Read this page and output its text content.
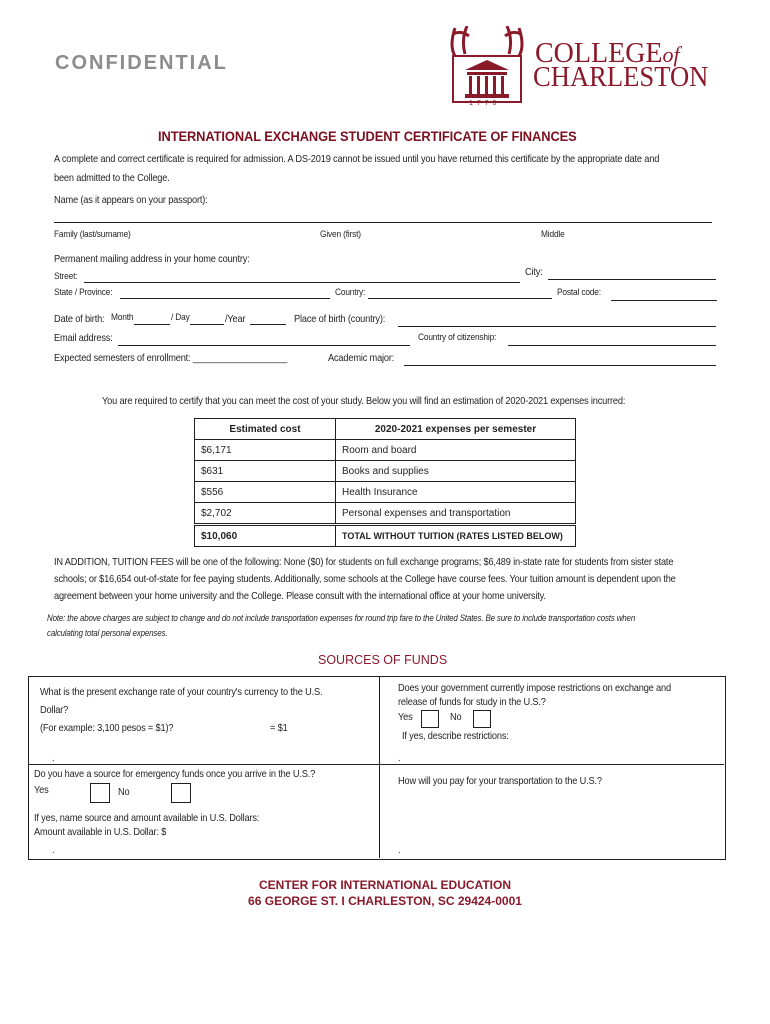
CONFIDENTIAL
1 7 7 0
COLLEGEof
CHARLESTON
INTERNATIONAL EXCHANGE STUDENT CERTIFICATE OF FINANCES
A complete and correct certificate is required for admission. A DS-2019 cannot be issued until you have returned this certificate by the appropriate date and
been admitted to the College.
Name (as it appears on your passport):
Family (last/surname)	Given (first)	Middle
Permanent mailing address in your home country:
Street:	City:
State / Province:	Country:	Postal code:
Date of birth: Month	/ Day	/Year	Place of birth (country):
Email address:	Country of citizenship:
Expected semesters of enrollment: ___________________	Academic major:
You are required to certify that you can meet the cost of your study. Below you will find an estimation of 2020-2021 expenses incurred:
Estimated cost	2020-2021 expenses per semester
$6,171	Room and board
$631	Books and supplies
$556	Health Insurance
$2,702	Personal expenses and transportation
$10,060	TOTAL WITHOUT TUITION (RATES LISTED BELOW)
IN ADDITION, TUITION FEES will be one of the following: None ($0) for students on full exchange programs; $6,489 in-state rate for students from sister state
schools; or $16,654 out-of-state for fee paying students. Additionally, some schools at the College have course fees. Your tuition amount is dependent upon the
agreement between your home university and the College. Please consult with the international office at your home university.
Note: the above charges are subject to change and do not include transportation expenses for round trip fare to the United States. Be sure to include transportation costs when
calculating total personal expenses.
SOURCES OF FUNDS
What is the present exchange rate of your country's currency to the U.S.
Dollar?
(For example: 3,100 pesos = $1)?	= $1
.
Does your government currently impose restrictions on exchange and
release of funds for study in the U.S.?
Yes	No
If yes, describe restrictions:
.
Do you have a source for emergency funds once you arrive in the U.S.?
Yes	No
If yes, name source and amount available in U.S. Dollars:
Amount available in U.S. Dollar: $
.
How will you pay for your transportation to the U.S.?
.
CENTER FOR INTERNATIONAL EDUCATION
66 GEORGE ST. I CHARLESTON, SC 29424-0001
